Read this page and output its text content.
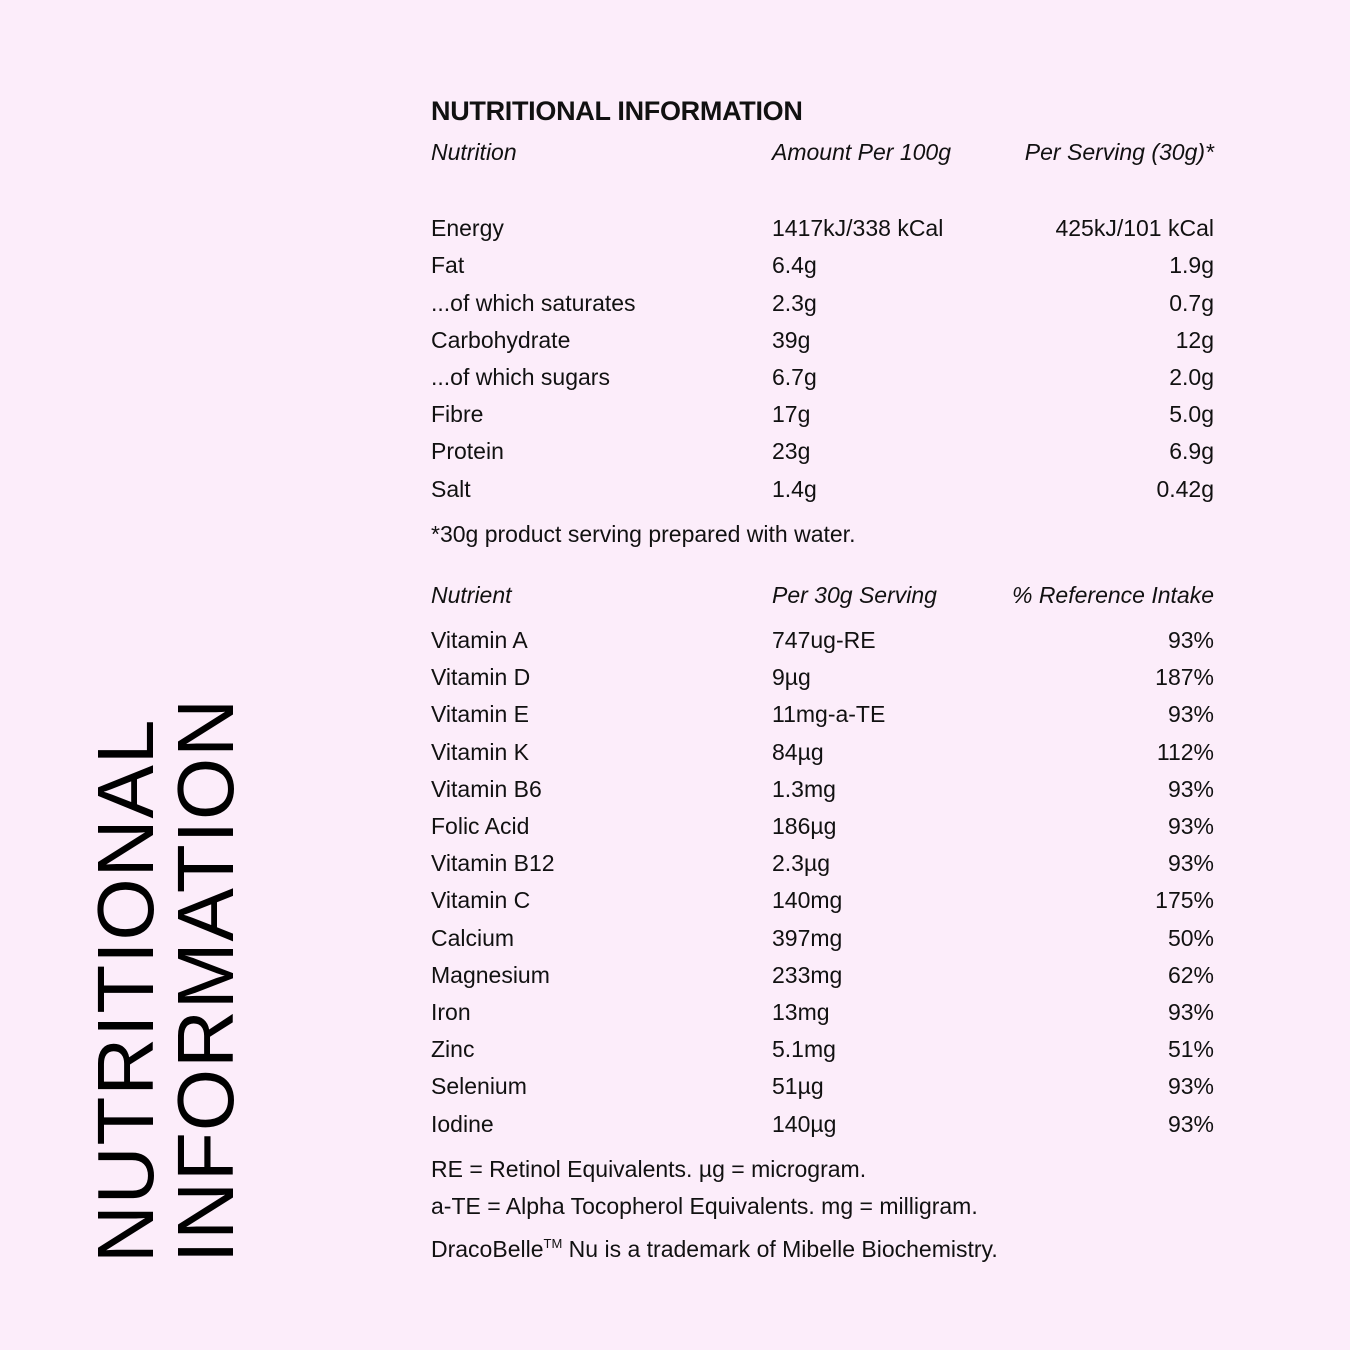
NUTRITIONAL
INFORMATION
NUTRITIONAL INFORMATION
Nutrition	Amount Per 100g	Per Serving (30g)*
Energy	1417kJ/338 kCal	425kJ/101 kCal
Fat	6.4g	1.9g
...of which saturates	2.3g	0.7g
Carbohydrate	39g	12g
...of which sugars	6.7g	2.0g
Fibre	17g	5.0g
Protein	23g	6.9g
Salt	1.4g	0.42g
*30g product serving prepared with water.
Nutrient	Per 30g Serving	% Reference Intake
Vitamin A	747ug-RE	93%
Vitamin D	9µg	187%
Vitamin E	11mg-a-TE	93%
Vitamin K	84µg	112%
Vitamin B6	1.3mg	93%
Folic Acid	186µg	93%
Vitamin B12	2.3µg	93%
Vitamin C	140mg	175%
Calcium	397mg	50%
Magnesium	233mg	62%
Iron	13mg	93%
Zinc	5.1mg	51%
Selenium	51µg	93%
Iodine	140µg	93%
RE = Retinol Equivalents. µg = microgram.
a-TE = Alpha Tocopherol Equivalents. mg = milligram.
DracoBelle™ Nu is a trademark of Mibelle Biochemistry.
